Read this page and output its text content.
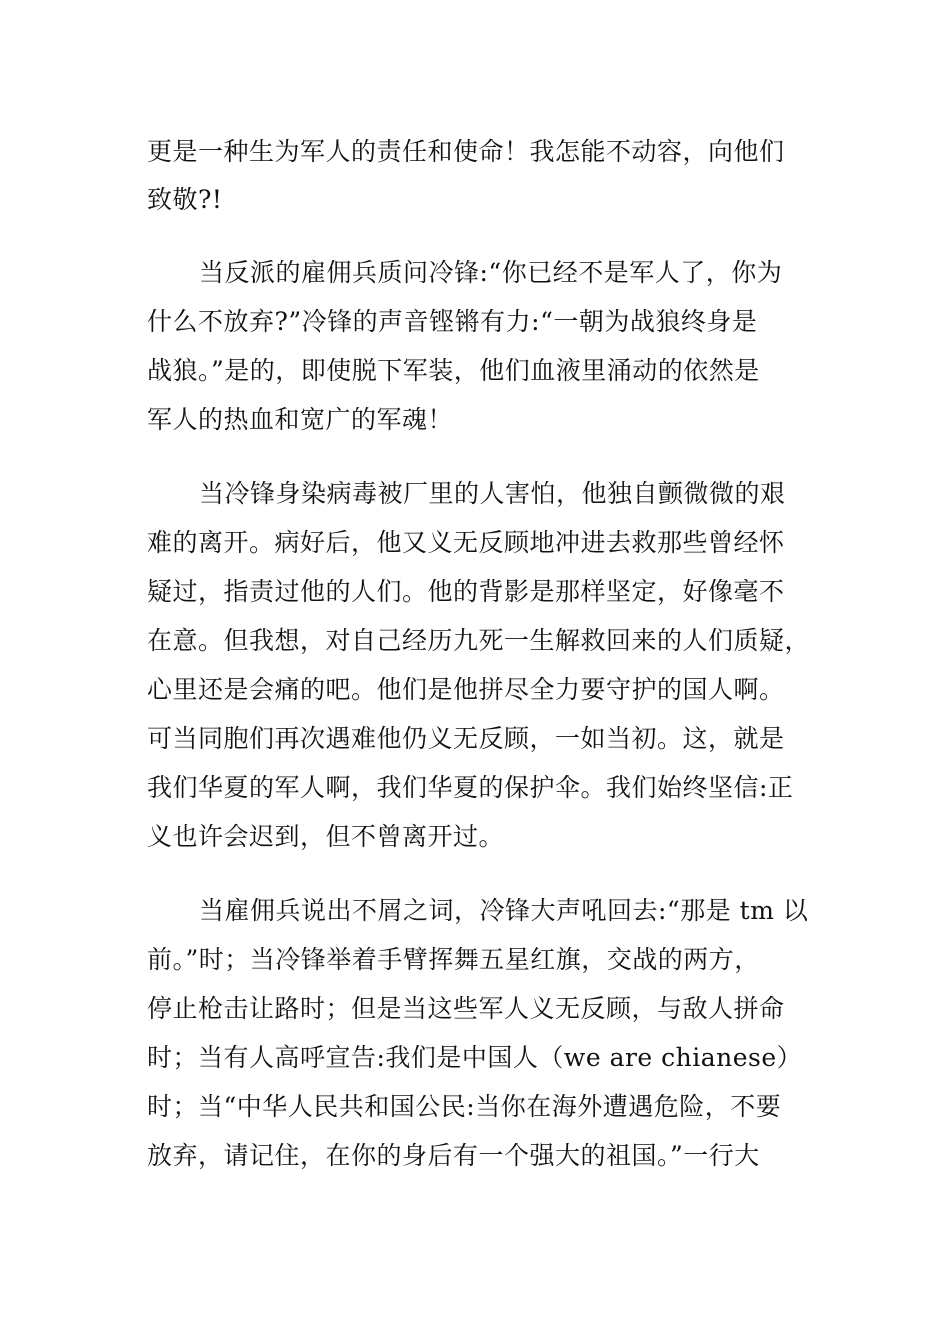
更是一种生为军人的责任和使命！我怎能不动容，向他们
致敬?!
当反派的雇佣兵质问冷锋:“你已经不是军人了，你为
什么不放弃?”冷锋的声音铿锵有力:“一朝为战狼终身是
战狼。”是的，即使脱下军装，他们血液里涌动的依然是
军人的热血和宽广的军魂！
当冷锋身染病毒被厂里的人害怕，他独自颤微微的艰
难的离开。病好后，他又义无反顾地冲进去救那些曾经怀
疑过，指责过他的人们。他的背影是那样坚定，好像毫不
在意。但我想，对自己经历九死一生解救回来的人们质疑，
心里还是会痛的吧。他们是他拼尽全力要守护的国人啊。
可当同胞们再次遇难他仍义无反顾，一如当初。这，就是
我们华夏的军人啊，我们华夏的保护伞。我们始终坚信:正
义也许会迟到，但不曾离开过。
当雇佣兵说出不屑之词，冷锋大声吼回去:“那是 tm 以
前。”时；当冷锋举着手臂挥舞五星红旗，交战的两方，
停止枪击让路时；但是当这些军人义无反顾，与敌人拼命
时；当有人高呼宣告:我们是中国人（we are chianese）
时；当“中华人民共和国公民:当你在海外遭遇危险，不要
放弃，请记住，在你的身后有一个强大的祖国。”一行大
